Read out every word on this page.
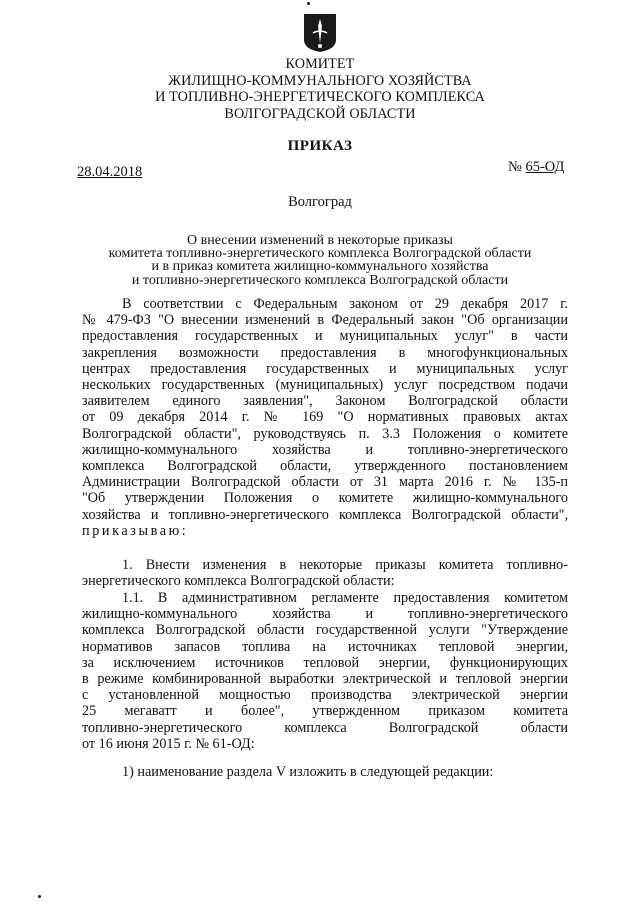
КОМИТЕТ
ЖИЛИЩНО-КОММУНАЛЬНОГО ХОЗЯЙСТВА
И ТОПЛИВНО-ЭНЕРГЕТИЧЕСКОГО КОМПЛЕКСА
ВОЛГОГРАДСКОЙ ОБЛАСТИ
ПРИКАЗ
28.04.2018	№ 65-ОД
Волгоград
О внесении изменений в некоторые приказы
комитета топливно-энергетического комплекса Волгоградской области
и в приказ комитета жилищно-коммунального хозяйства
и топливно-энергетического комплекса Волгоградской области
В соответствии с Федеральным законом от 29 декабря 2017 г.
№ 479-ФЗ "О внесении изменений в Федеральный закон "Об организации
предоставления государственных и муниципальных услуг" в части
закрепления возможности предоставления в многофункциональных
центрах предоставления государственных и муниципальных услуг
нескольких государственных (муниципальных) услуг посредством подачи
заявителем единого заявления", Законом Волгоградской области
от 09 декабря 2014 г. № 169 "О нормативных правовых актах
Волгоградской области", руководствуясь п. 3.3 Положения о комитете
жилищно-коммунального хозяйства и топливно-энергетического
комплекса Волгоградской области, утвержденного постановлением
Администрации Волгоградской области от 31 марта 2016 г. № 135-п
"Об утверждении Положения о комитете жилищно-коммунального
хозяйства и топливно-энергетического комплекса Волгоградской области",
приказываю:
1. Внести изменения в некоторые приказы комитета топливно-
энергетического комплекса Волгоградской области:
1.1. В административном регламенте предоставления комитетом
жилищно-коммунального хозяйства и топливно-энергетического
комплекса Волгоградской области государственной услуги "Утверждение
нормативов запасов топлива на источниках тепловой энергии,
за исключением источников тепловой энергии, функционирующих
в режиме комбинированной выработки электрической и тепловой энергии
с установленной мощностью производства электрической энергии
25 мегаватт и более", утвержденном приказом комитета
топливно-энергетического комплекса Волгоградской области
от 16 июня 2015 г. № 61-ОД:
1) наименование раздела V изложить в следующей редакции:
